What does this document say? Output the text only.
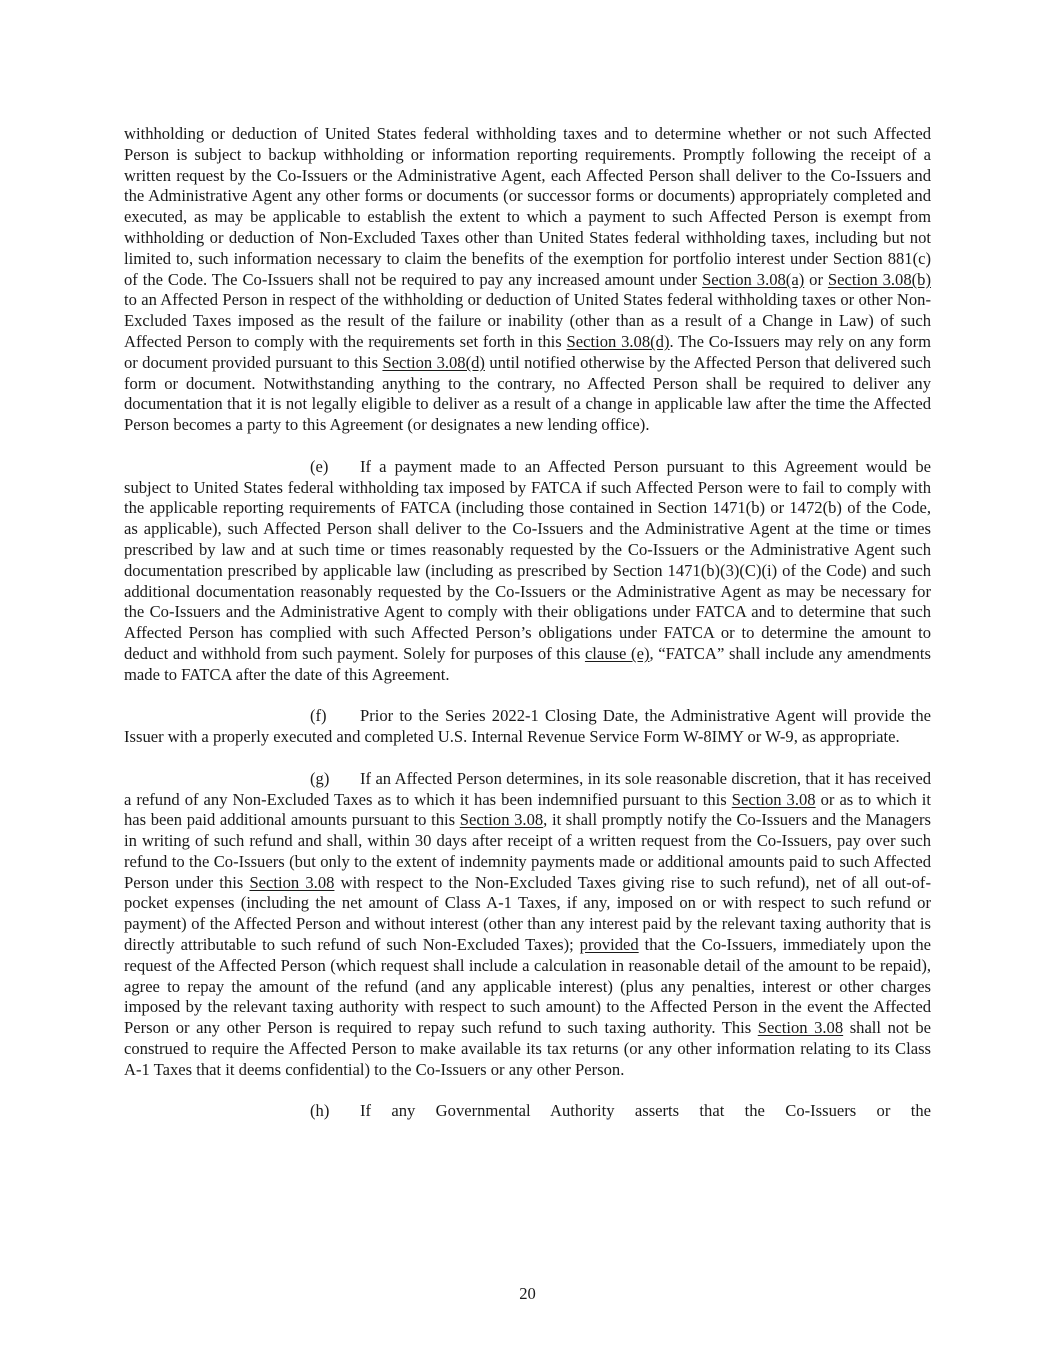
withholding or deduction of United States federal withholding taxes and to determine whether or not such Affected Person is subject to backup withholding or information reporting requirements. Promptly following the receipt of a written request by the Co-Issuers or the Administrative Agent, each Affected Person shall deliver to the Co-Issuers and the Administrative Agent any other forms or documents (or successor forms or documents) appropriately completed and executed, as may be applicable to establish the extent to which a payment to such Affected Person is exempt from withholding or deduction of Non-Excluded Taxes other than United States federal withholding taxes, including but not limited to, such information necessary to claim the benefits of the exemption for portfolio interest under Section 881(c) of the Code. The Co-Issuers shall not be required to pay any increased amount under Section 3.08(a) or Section 3.08(b) to an Affected Person in respect of the withholding or deduction of United States federal withholding taxes or other Non-Excluded Taxes imposed as the result of the failure or inability (other than as a result of a Change in Law) of such Affected Person to comply with the requirements set forth in this Section 3.08(d). The Co-Issuers may rely on any form or document provided pursuant to this Section 3.08(d) until notified otherwise by the Affected Person that delivered such form or document. Notwithstanding anything to the contrary, no Affected Person shall be required to deliver any documentation that it is not legally eligible to deliver as a result of a change in applicable law after the time the Affected Person becomes a party to this Agreement (or designates a new lending office).

(e) If a payment made to an Affected Person pursuant to this Agreement would be subject to United States federal withholding tax imposed by FATCA if such Affected Person were to fail to comply with the applicable reporting requirements of FATCA (including those contained in Section 1471(b) or 1472(b) of the Code, as applicable), such Affected Person shall deliver to the Co-Issuers and the Administrative Agent at the time or times prescribed by law and at such time or times reasonably requested by the Co-Issuers or the Administrative Agent such documentation prescribed by applicable law (including as prescribed by Section 1471(b)(3)(C)(i) of the Code) and such additional documentation reasonably requested by the Co-Issuers or the Administrative Agent as may be necessary for the Co-Issuers and the Administrative Agent to comply with their obligations under FATCA and to determine that such Affected Person has complied with such Affected Person’s obligations under FATCA or to determine the amount to deduct and withhold from such payment. Solely for purposes of this clause (e), “FATCA” shall include any amendments made to FATCA after the date of this Agreement.

(f) Prior to the Series 2022-1 Closing Date, the Administrative Agent will provide the Issuer with a properly executed and completed U.S. Internal Revenue Service Form W-8IMY or W-9, as appropriate.

(g) If an Affected Person determines, in its sole reasonable discretion, that it has received a refund of any Non-Excluded Taxes as to which it has been indemnified pursuant to this Section 3.08 or as to which it has been paid additional amounts pursuant to this Section 3.08, it shall promptly notify the Co-Issuers and the Managers in writing of such refund and shall, within 30 days after receipt of a written request from the Co-Issuers, pay over such refund to the Co-Issuers (but only to the extent of indemnity payments made or additional amounts paid to such Affected Person under this Section 3.08 with respect to the Non-Excluded Taxes giving rise to such refund), net of all out-of-pocket expenses (including the net amount of Class A-1 Taxes, if any, imposed on or with respect to such refund or payment) of the Affected Person and without interest (other than any interest paid by the relevant taxing authority that is directly attributable to such refund of such Non-Excluded Taxes); provided that the Co-Issuers, immediately upon the request of the Affected Person (which request shall include a calculation in reasonable detail of the amount to be repaid), agree to repay the amount of the refund (and any applicable interest) (plus any penalties, interest or other charges imposed by the relevant taxing authority with respect to such amount) to the Affected Person in the event the Affected Person or any other Person is required to repay such refund to such taxing authority. This Section 3.08 shall not be construed to require the Affected Person to make available its tax returns (or any other information relating to its Class A-1 Taxes that it deems confidential) to the Co-Issuers or any other Person.

(h) If any Governmental Authority asserts that the Co-Issuers or the

20
